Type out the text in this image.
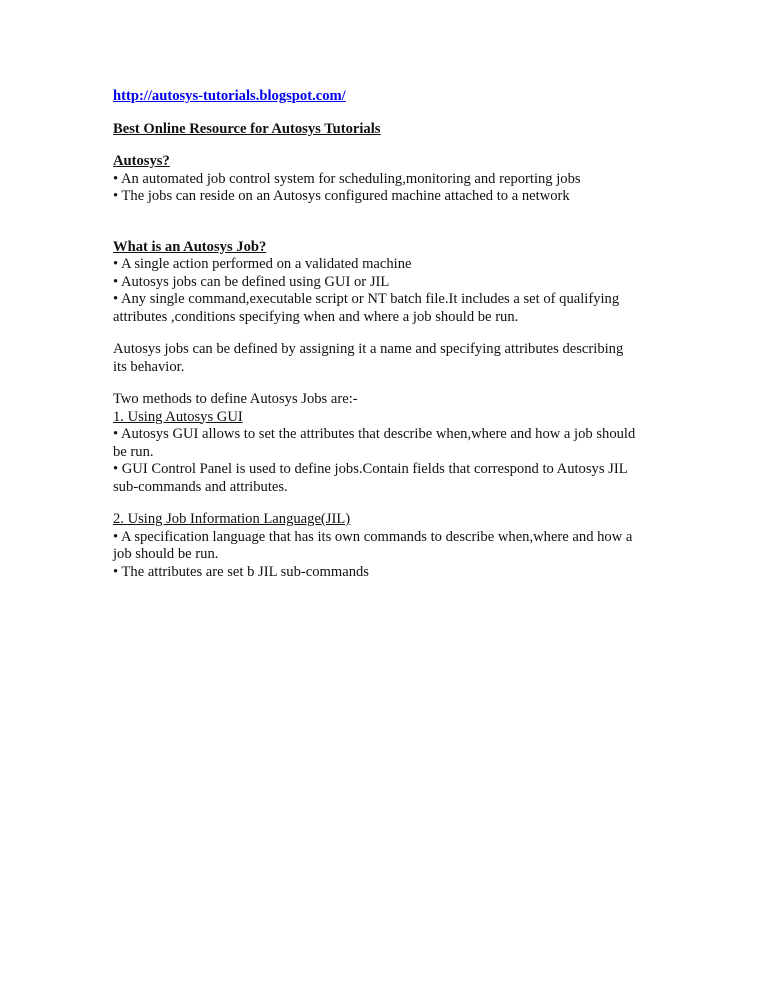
http://autosys-tutorials.blogspot.com/
Best Online Resource for Autosys Tutorials
Autosys?
• An automated job control system for scheduling,monitoring and reporting jobs
• The jobs can reside on an Autosys configured machine attached to a network
What is an Autosys Job?
• A single action performed on a validated machine
• Autosys jobs can be defined using GUI or JIL
• Any single command,executable script or NT batch file.It includes a set of qualifying
attributes ,conditions specifying when and where a job should be run.
Autosys jobs can be defined by assigning it a name and specifying attributes describing
its behavior.
Two methods to define Autosys Jobs are:-
1. Using Autosys GUI
• Autosys GUI allows to set the attributes that describe when,where and how a job should
be run.
• GUI Control Panel is used to define jobs.Contain fields that correspond to Autosys JIL
sub-commands and attributes.
2. Using Job Information Language(JIL)
• A specification language that has its own commands to describe when,where and how a
job should be run.
• The attributes are set b JIL sub-commands
